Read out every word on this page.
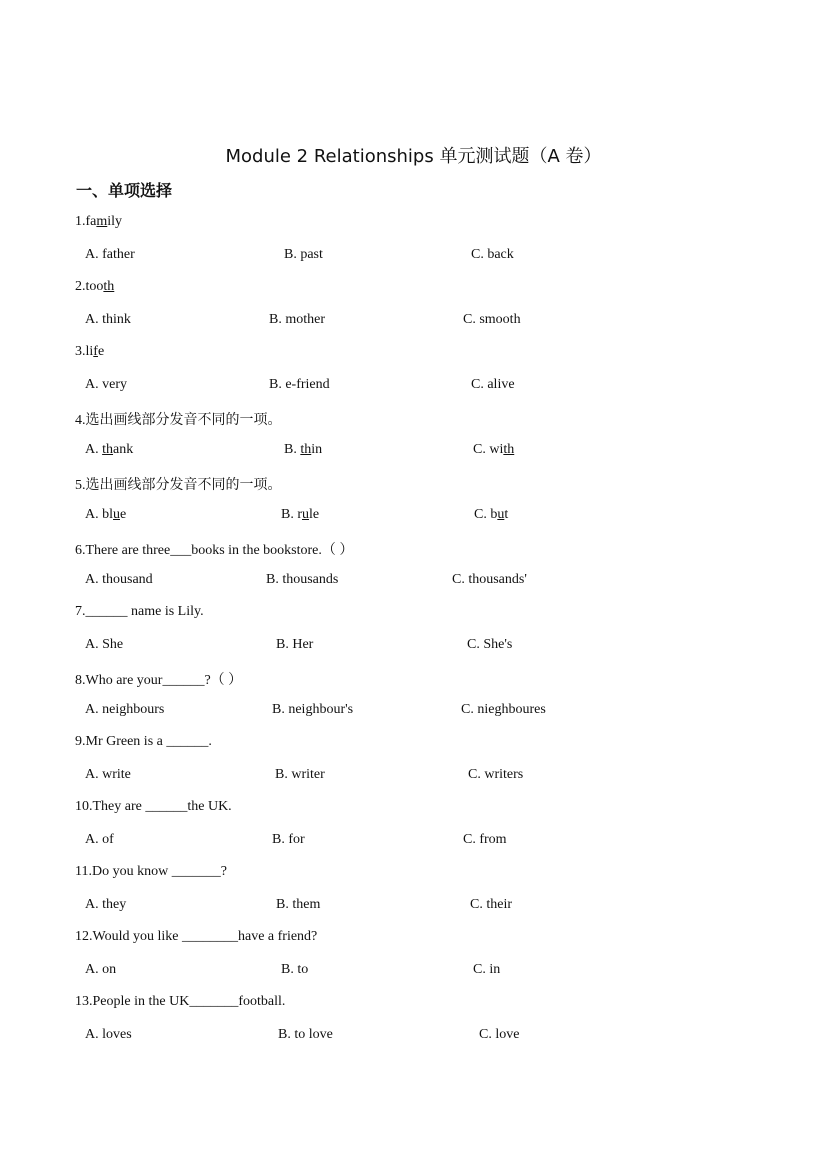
Module 2 Relationships 单元测试题（A 卷）
一、单项选择
1.family
A. father	B. past	C. back
2.tooth
A. think	B. mother	C. smooth
3.life
A. very	B. e-friend	C. alive
4.选出画线部分发音不同的一项。
A. thank	B. thin	C. with
5.选出画线部分发音不同的一项。
A. blue	B. rule	C. but
6.There are three___books in the bookstore.（ ）
A. thousand	B. thousands	C. thousands'
7.______ name is Lily.
A. She	B. Her	C. She's
8.Who are your______?（ ）
A. neighbours	B. neighbour's	C. nieghboures
9.Mr Green is a ______.
A. write	B. writer	C. writers
10.They are ______the UK.
A. of	B. for	C. from
11.Do you know _______?
A. they	B. them	C. their
12.Would you like ________have a friend?
A. on	B. to	C. in
13.People in the UK_______football.
A. loves	B. to love	C. love
